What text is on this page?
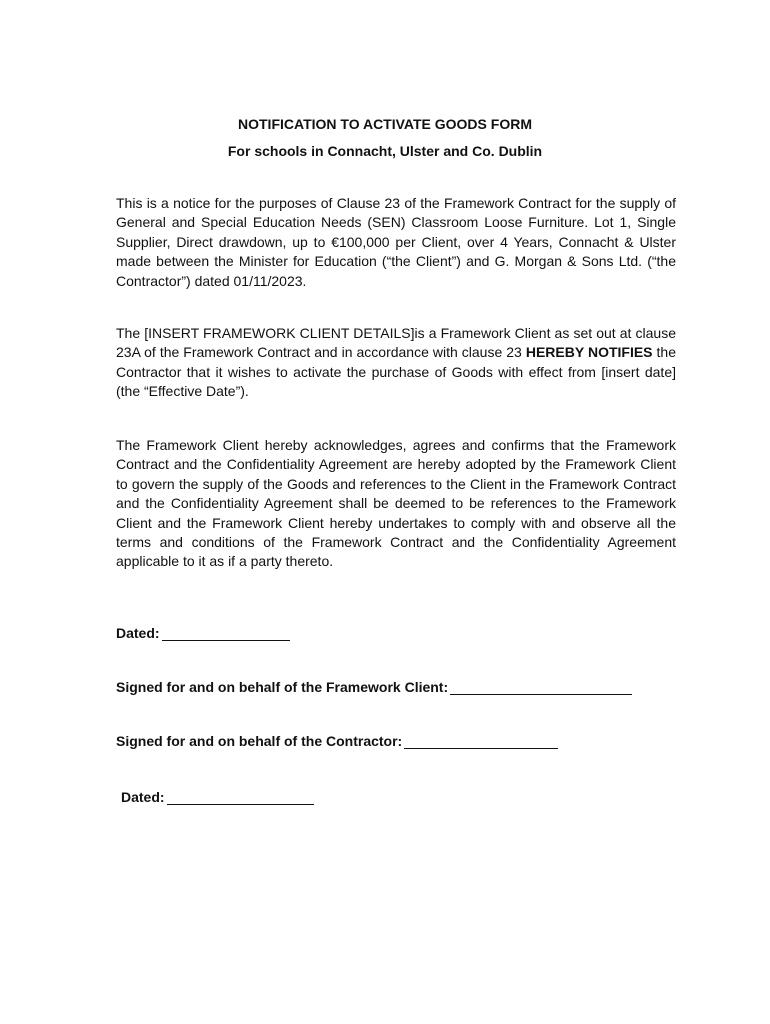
NOTIFICATION TO ACTIVATE GOODS FORM
For schools in Connacht, Ulster and Co. Dublin

This is a notice for the purposes of Clause 23 of the Framework Contract for the supply of General and Special Education Needs (SEN) Classroom Loose Furniture. Lot 1, Single Supplier, Direct drawdown, up to €100,000 per Client, over 4 Years, Connacht & Ulster made between the Minister for Education (“the Client”) and G. Morgan & Sons Ltd. (“the Contractor”) dated 01/11/2023.

The [INSERT FRAMEWORK CLIENT DETAILS]is a Framework Client as set out at clause 23A of the Framework Contract and in accordance with clause 23 HEREBY NOTIFIES the Contractor that it wishes to activate the purchase of Goods with effect from [insert date] (the “Effective Date”).

The Framework Client hereby acknowledges, agrees and confirms that the Framework Contract and the Confidentiality Agreement are hereby adopted by the Framework Client to govern the supply of the Goods and references to the Client in the Framework Contract and the Confidentiality Agreement shall be deemed to be references to the Framework Client and the Framework Client hereby undertakes to comply with and observe all the terms and conditions of the Framework Contract and the Confidentiality Agreement applicable to it as if a party thereto.

Dated:
Signed for and on behalf of the Framework Client:
Signed for and on behalf of the Contractor:
Dated:
